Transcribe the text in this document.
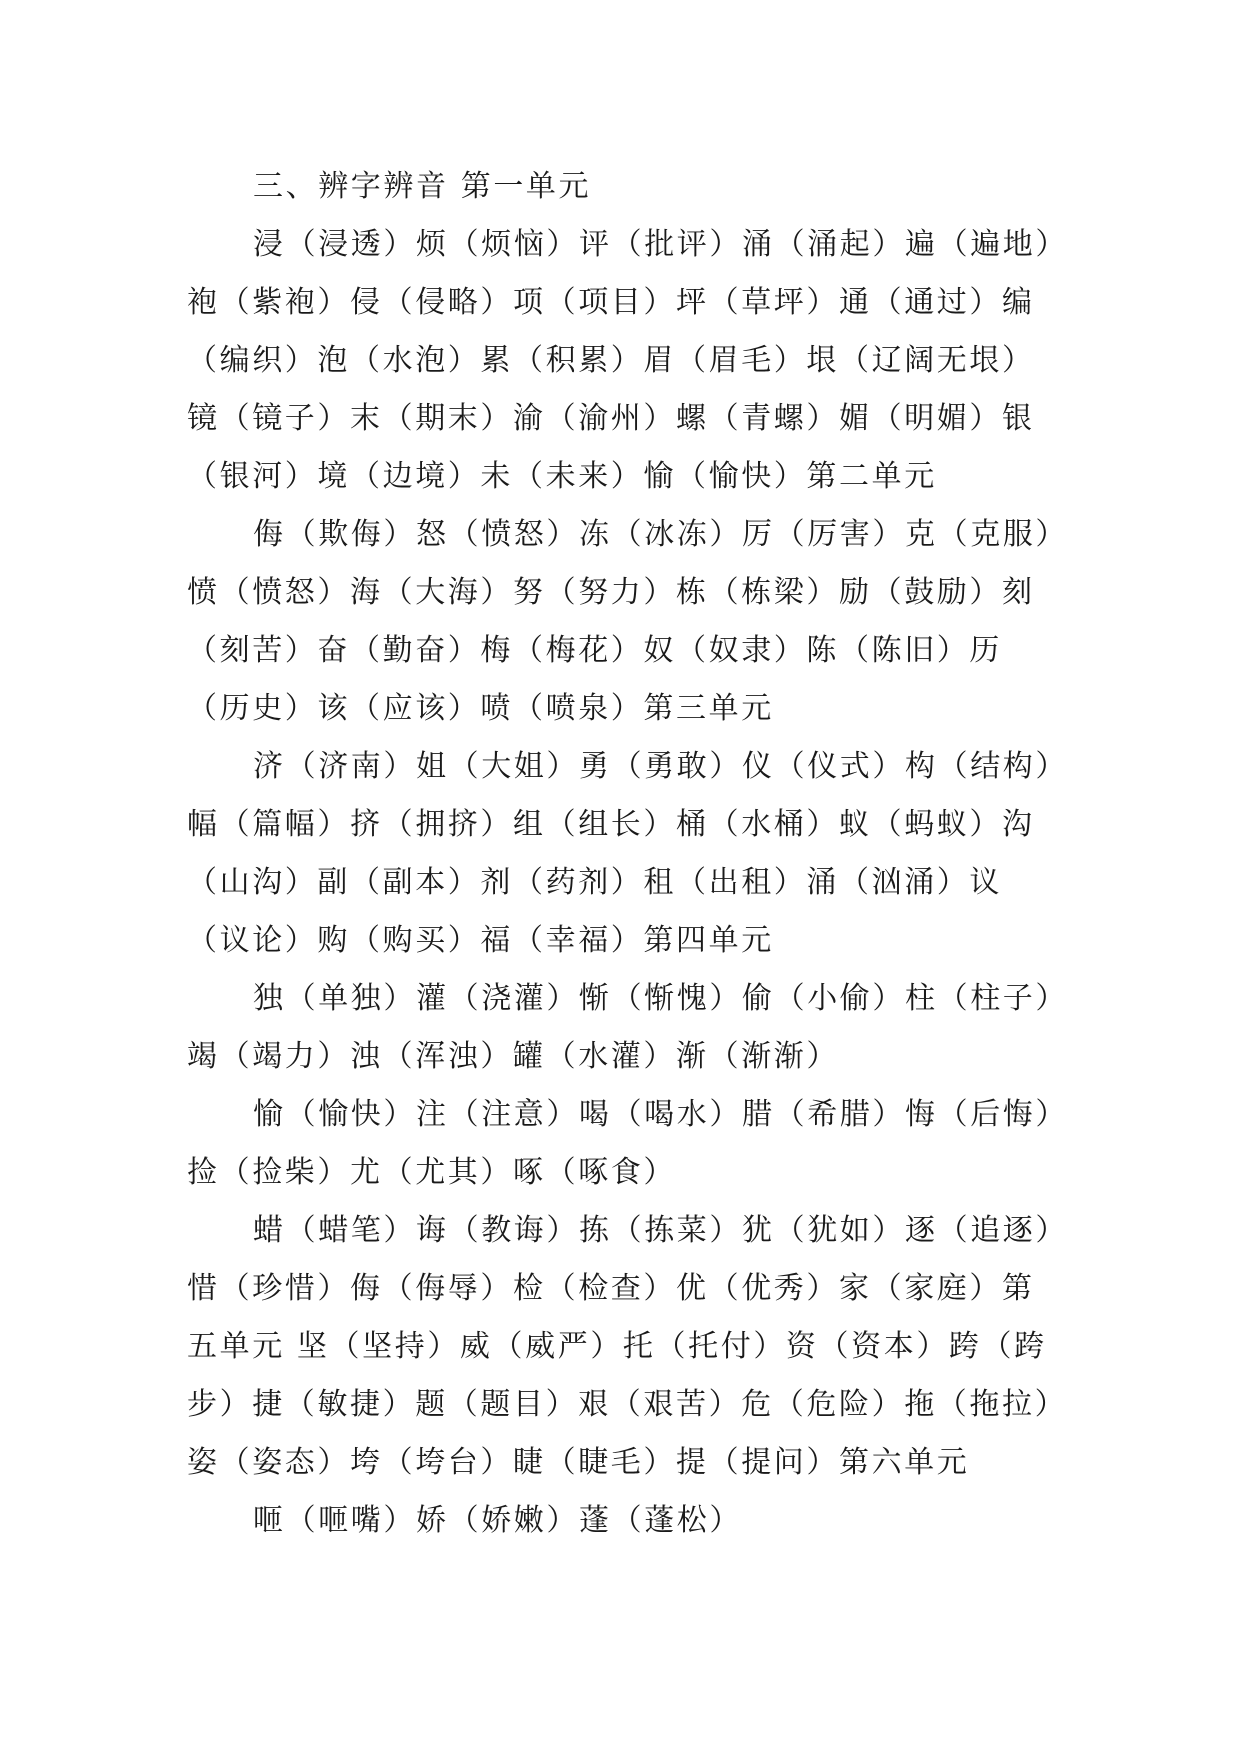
三、辨字辨音 第一单元
浸（浸透）烦（烦恼）评（批评）涌（涌起）遍（遍地）
袍（紫袍）侵（侵略）项（项目）坪（草坪）通（通过）编
（编织）泡（水泡）累（积累）眉（眉毛）垠（辽阔无垠）
镜（镜子）末（期末）渝（渝州）螺（青螺）媚（明媚）银
（银河）境（边境）未（未来）愉（愉快）第二单元
侮（欺侮）怒（愤怒）冻（冰冻）厉（厉害）克（克服）
愤（愤怒）海（大海）努（努力）栋（栋梁）励（鼓励）刻
（刻苦）奋（勤奋）梅（梅花）奴（奴隶）陈（陈旧）历
（历史）该（应该）喷（喷泉）第三单元
济（济南）姐（大姐）勇（勇敢）仪（仪式）构（结构）
幅（篇幅）挤（拥挤）组（组长）桶（水桶）蚁（蚂蚁）沟
（山沟）副（副本）剂（药剂）租（出租）涌（汹涌）议
（议论）购（购买）福（幸福）第四单元
独（单独）灌（浇灌）惭（惭愧）偷（小偷）柱（柱子）
竭（竭力）浊（浑浊）罐（水灌）渐（渐渐）
愉（愉快）注（注意）喝（喝水）腊（希腊）悔（后悔）
捡（捡柴）尤（尤其）啄（啄食）
蜡（蜡笔）诲（教诲）拣（拣菜）犹（犹如）逐（追逐）
惜（珍惜）侮（侮辱）检（检查）优（优秀）家（家庭）第
五单元 坚（坚持）威（威严）托（托付）资（资本）跨（跨
步）捷（敏捷）题（题目）艰（艰苦）危（危险）拖（拖拉）
姿（姿态）垮（垮台）睫（睫毛）提（提问）第六单元
咂（咂嘴）娇（娇嫩）蓬（蓬松）
